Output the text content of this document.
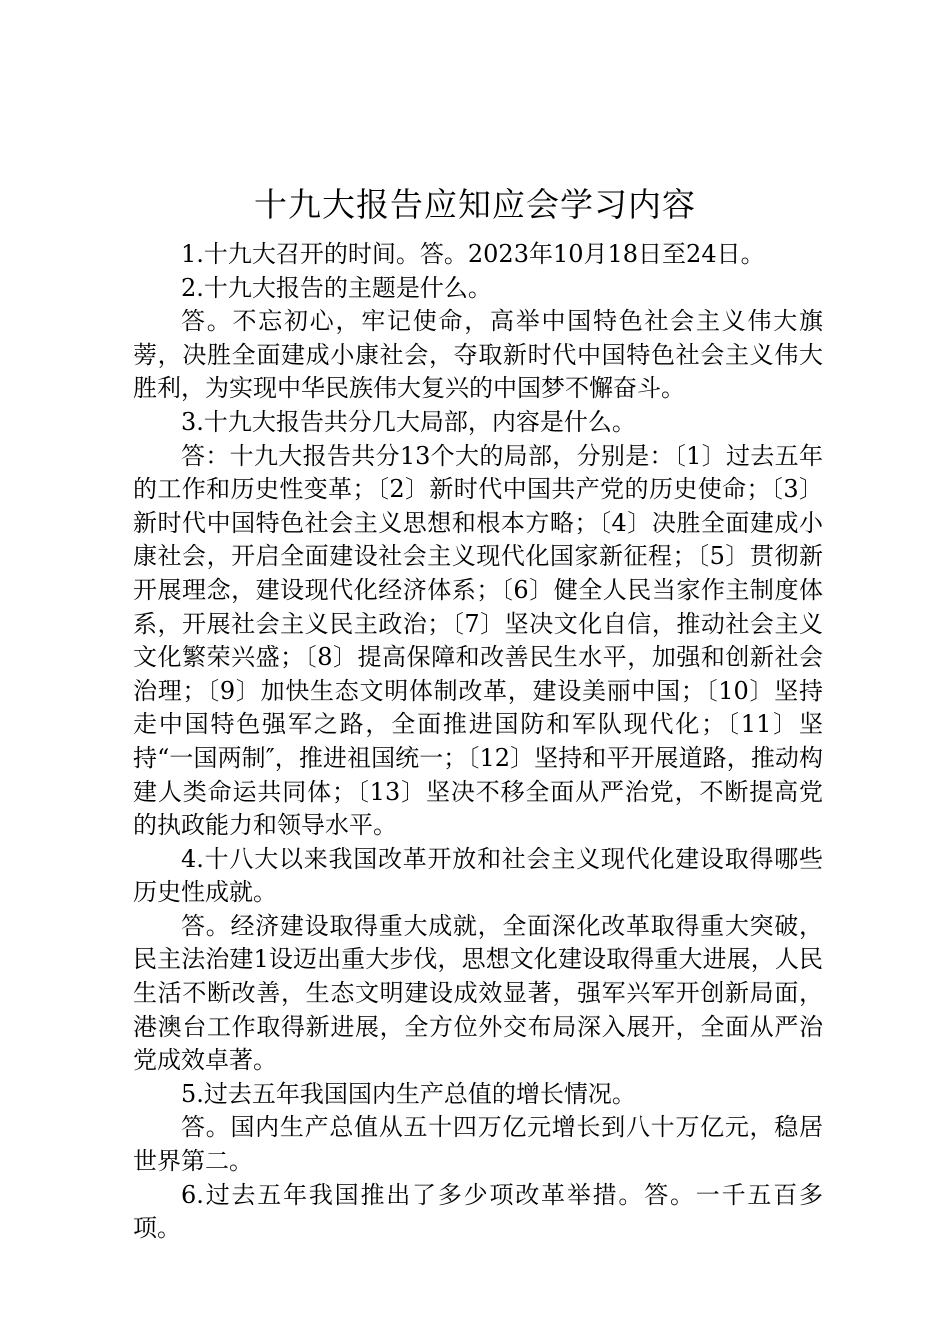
十九大报告应知应会学习内容

1.十九大召开的时间。答。2023年10月18日至24日。

2.十九大报告的主题是什么。

答。不忘初心，牢记使命，高举中国特色社会主义伟大旗蒡，决胜全面建成小康社会，夺取新时代中国特色社会主义伟大胜利，为实现中华民族伟大复兴的中国梦不懈奋斗。

3.十九大报告共分几大局部，内容是什么。

答：十九大报告共分13个大的局部，分别是：〔1〕过去五年的工作和历史性变革；〔2〕新时代中国共产党的历史使命；〔3〕新时代中国特色社会主义思想和根本方略；〔4〕决胜全面建成小康社会，开启全面建设社会主义现代化国家新征程；〔5〕贯彻新开展理念，建设现代化经济体系；〔6〕健全人民当家作主制度体系，开展社会主义民主政治；〔7〕坚决文化自信，推动社会主义文化繁荣兴盛；〔8〕提高保障和改善民生水平，加强和创新社会治理；〔9〕加快生态文明体制改革，建设美丽中国；〔10〕坚持走中国特色强军之路，全面推进国防和军队现代化；〔11〕坚持“一国两制″，推进祖国统一；〔12〕坚持和平开展道路，推动构建人类命运共同体；〔13〕坚决不移全面从严治党，不断提高党的执政能力和领导水平。

4.十八大以来我国改革开放和社会主义现代化建设取得哪些历史性成就。

答。经济建设取得重大成就，全面深化改革取得重大突破，民主法治建1设迈出重大步伐，思想文化建设取得重大进展，人民生活不断改善，生态文明建设成效显著，强军兴军开创新局面，港澳台工作取得新进展，全方位外交布局深入展开，全面从严治党成效卓著。

5.过去五年我国国内生产总值的增长情况。

答。国内生产总值从五十四万亿元增长到八十万亿元，稳居世界第二。

6.过去五年我国推出了多少项改革举措。答。一千五百多项。
